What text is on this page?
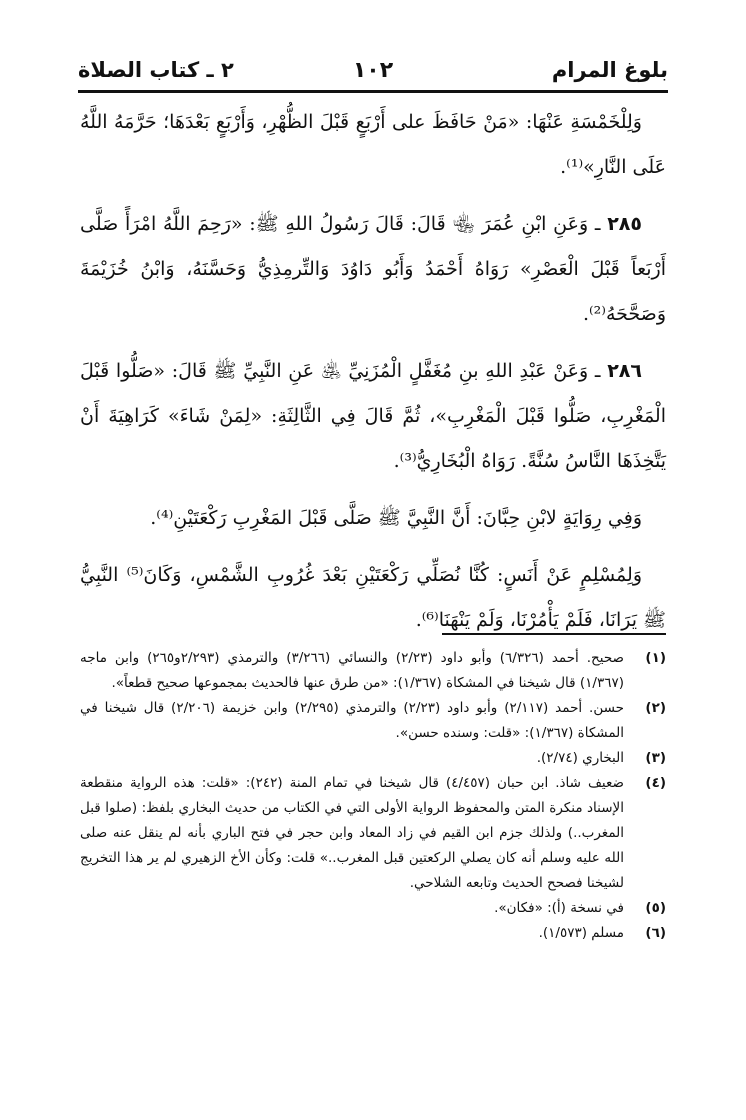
بلوغ المرام
١٠٢
٢ ـ كتاب الصلاة

وَلِلْخَمْسَةِ عَنْهَا: «مَنْ حَافَظَ على أَرْبَعٍ قَبْلَ الظُّهْرِ، وَأَرْبَعٍ بَعْدَهَا؛ حَرَّمَهُ اللَّهُ عَلَى النَّارِ»⁽¹⁾.

٢٨٥ ـ وَعَنِ ابْنِ عُمَرَ ﵄ قَالَ: قَالَ رَسُولُ اللهِ ﷺ: «رَحِمَ اللَّهُ امْرَأً صَلَّى أَرْبَعاً قَبْلَ الْعَصْرِ» رَوَاهُ أَحْمَدُ وَأَبُو دَاوُدَ وَالتِّرمِذِيُّ وَحَسَّنَهُ، وَابْنُ خُزَيْمَةَ وَصَحَّحَهُ⁽²⁾.

٢٨٦ ـ وَعَنْ عَبْدِ اللهِ بنِ مُغَفَّلٍ الْمُزَنِيِّ ﵁ عَنِ النَّبِيِّ ﷺ قَالَ: «صَلُّوا قَبْلَ الْمَغْرِبِ، صَلُّوا قَبْلَ الْمَغْرِبِ»، ثُمَّ قَالَ فِي الثَّالِثَةِ: «لِمَنْ شَاءَ» كَرَاهِيَةَ أَنْ يَتَّخِذَهَا النَّاسُ سُنَّةً. رَوَاهُ الْبُخَارِيُّ⁽³⁾.

وَفِي رِوَايَةٍ لابْنِ حِبَّانَ: أَنَّ النَّبِيَّ ﷺ صَلَّى قَبْلَ المَغْرِبِ رَكْعَتَيْنِ⁽⁴⁾.

وَلِمُسْلِمٍ عَنْ أَنَسٍ: كُنَّا نُصَلِّي رَكْعَتَيْنِ بَعْدَ غُرُوبِ الشَّمْسِ، وَكَانَ⁽⁵⁾ النَّبِيُّ ﷺ يَرَانَا، فَلَمْ يَأْمُرْنَا، وَلَمْ يَنْهَنَا⁽⁶⁾.

(١)
صحيح. أحمد (٦/٣٢٦) وأبو داود (٢/٢٣) والنسائي (٣/٢٦٦) والترمذي (٢/٢٩٣و٢٦٥) وابن ماجه (١/٣٦٧) قال شيخنا في المشكاة (١/٣٦٧): «من طرق عنها فالحديث بمجموعها صحيح قطعاً».
(٢)
حسن. أحمد (٢/١١٧) وأبو داود (٢/٢٣) والترمذي (٢/٢٩٥) وابن خزيمة (٢/٢٠٦) قال شيخنا في المشكاة (١/٣٦٧): «قلت: وسنده حسن».
(٣)
البخاري (٢/٧٤).
(٤)
ضعيف شاذ. ابن حبان (٤/٤٥٧) قال شيخنا في تمام المنة (٢٤٢): «قلت: هذه الرواية منقطعة الإسناد منكرة المتن والمحفوظ الرواية الأولى التي في الكتاب من حديث البخاري بلفظ: (صلوا قبل المغرب..) ولذلك جزم ابن القيم في زاد المعاد وابن حجر في فتح الباري بأنه لم ينقل عنه صلى الله عليه وسلم أنه كان يصلي الركعتين قبل المغرب..» قلت: وكأن الأخ الزهيري لم ير هذا التخريج لشيخنا فصحح الحديث وتابعه الشلاحي.
(٥)
في نسخة (أ): «فكان».
(٦)
مسلم (١/٥٧٣).
